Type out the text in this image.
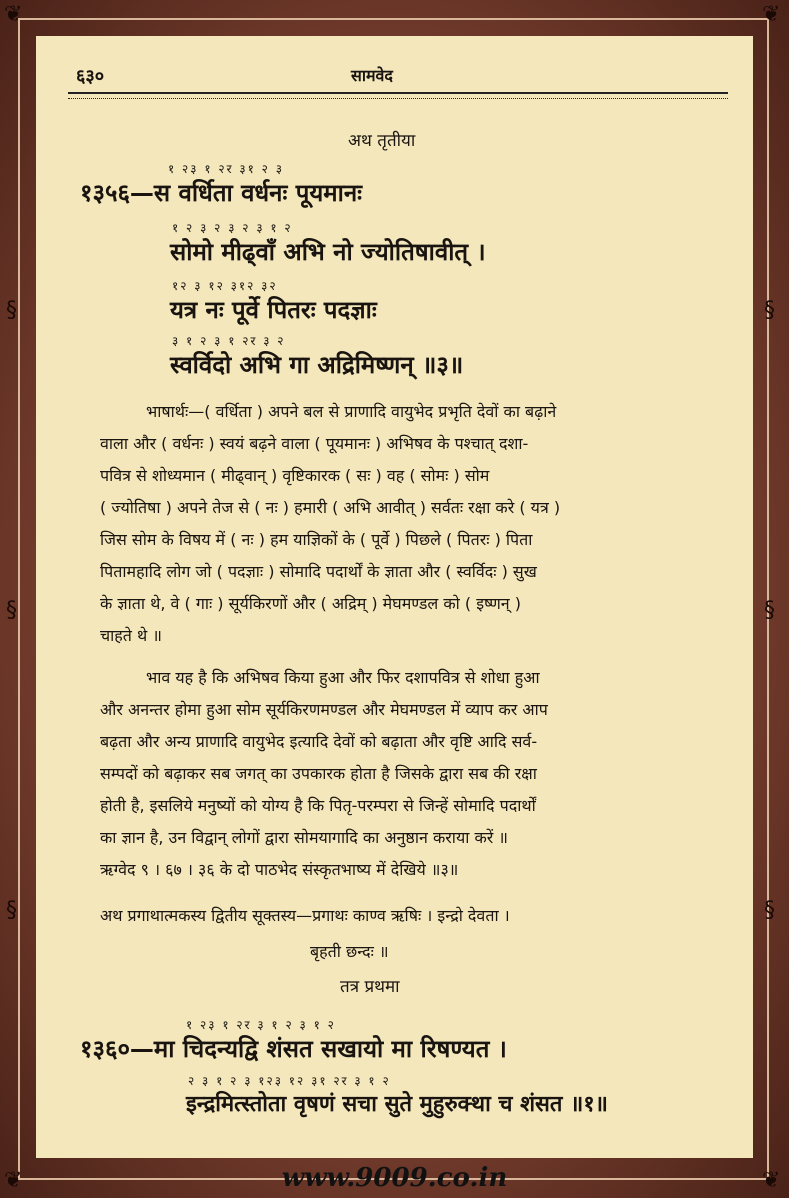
❦	❦
❦	❦
§
§
§
§
§
§
६३०	सामवेद
अथ तृतीया
१ २३ १ २र ३१ २ ३
१३५६—स वर्धिता वर्धनः पूयमानः
१ २ ३ २ ३ २ ३ १ २
सोमो मीढ्वाँ अभि नो ज्योतिषावीत् ।
१२ ३ १२ ३१२ ३२
यत्र नः पूर्वे पितरः पदज्ञाः
३ १ २ ३ १ २र ३ २
स्वर्विदो अभि गा अद्रिमिष्णन् ॥३॥
भाषार्थः—( वर्धिता ) अपने बल से प्राणादि वायुभेद प्रभृति देवों का बढ़ाने
वाला और ( वर्धनः ) स्वयं बढ़ने वाला ( पूयमानः ) अभिषव के पश्चात् दशा-
पवित्र से शोध्यमान ( मीढ्वान् ) वृष्टिकारक ( सः ) वह ( सोमः ) सोम
( ज्योतिषा ) अपने तेज से ( नः ) हमारी ( अभि आवीत् ) सर्वतः रक्षा करे ( यत्र )
जिस सोम के विषय में ( नः ) हम याज्ञिकों के ( पूर्वे ) पिछले ( पितरः ) पिता
पितामहादि लोग जो ( पदज्ञाः ) सोमादि पदार्थों के ज्ञाता और ( स्वर्विदः ) सुख
के ज्ञाता थे, वे ( गाः ) सूर्यकिरणों और ( अद्रिम् ) मेघमण्डल को ( इष्णन् )
चाहते थे ॥
भाव यह है कि अभिषव किया हुआ और फिर दशापवित्र से शोधा हुआ
और अनन्तर होमा हुआ सोम सूर्यकिरणमण्डल और मेघमण्डल में व्याप कर आप
बढ़ता और अन्य प्राणादि वायुभेद इत्यादि देवों को बढ़ाता और वृष्टि आदि सर्व-
सम्पदों को बढ़ाकर सब जगत् का उपकारक होता है जिसके द्वारा सब की रक्षा
होती है, इसलिये मनुष्यों को योग्य है कि पितृ-परम्परा से जिन्हें सोमादि पदार्थों
का ज्ञान है, उन विद्वान् लोगों द्वारा सोमयागादि का अनुष्ठान कराया करें ॥
ऋग्वेद ९ । ६७ । ३६ के दो पाठभेद संस्कृतभाष्य में देखिये ॥३॥
अथ प्रगाथात्मकस्य द्वितीय सूक्तस्य—प्रगाथः काण्व ऋषिः । इन्द्रो देवता ।
बृहती छन्दः ॥
तत्र प्रथमा
१ २३ १ २र ३ १ २ ३ १ २
१३६०—मा चिदन्यद्वि शंसत सखायो मा रिषण्यत ।
२ ३ १ २ ३ १२३ १२ ३१ २र ३ १ २
इन्द्रमित्स्तोता वृषणं सचा सुते मुहुरुक्था च शंसत ॥१॥
www.9009.co.in
